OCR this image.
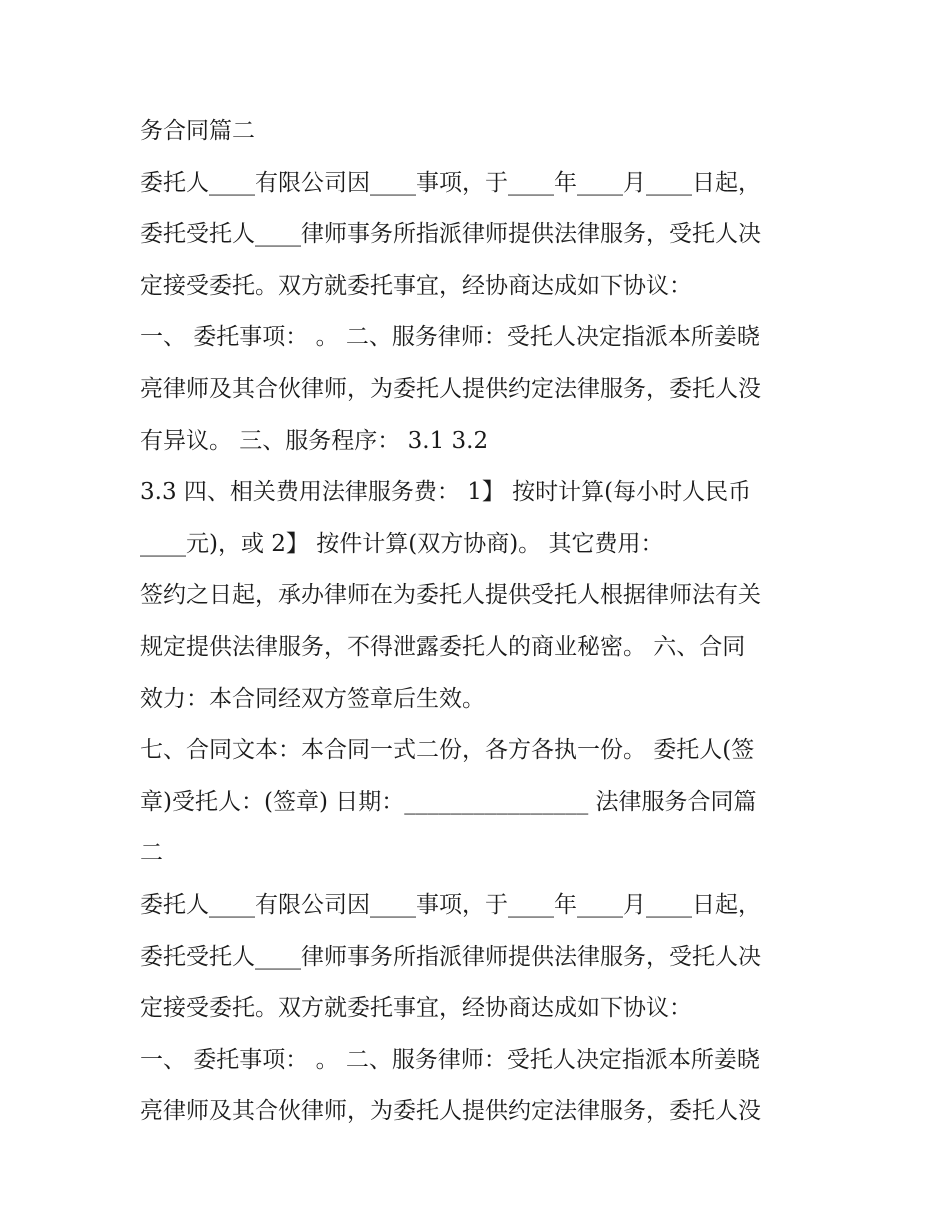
务合同篇二
委托人____有限公司因____事项，于____年____月____日起，
委托受托人____律师事务所指派律师提供法律服务，受托人决
定接受委托。双方就委托事宜，经协商达成如下协议：
一、 委托事项： 。 二、服务律师：受托人决定指派本所姜晓
亮律师及其合伙律师，为委托人提供约定法律服务，委托人没
有异议。 三、服务程序： 3.1 3.2
3.3 四、相关费用法律服务费： 1】 按时计算(每小时人民币
____元)，或 2】 按件计算(双方协商)。 其它费用：
签约之日起，承办律师在为委托人提供受托人根据律师法有关
规定提供法律服务，不得泄露委托人的商业秘密。 六、合同
效力：本合同经双方签章后生效。
七、合同文本：本合同一式二份，各方各执一份。 委托人(签
章)受托人：(签章) 日期：________________ 法律服务合同篇
二
委托人____有限公司因____事项，于____年____月____日起，
委托受托人____律师事务所指派律师提供法律服务，受托人决
定接受委托。双方就委托事宜，经协商达成如下协议：
一、 委托事项： 。 二、服务律师：受托人决定指派本所姜晓
亮律师及其合伙律师，为委托人提供约定法律服务，委托人没
